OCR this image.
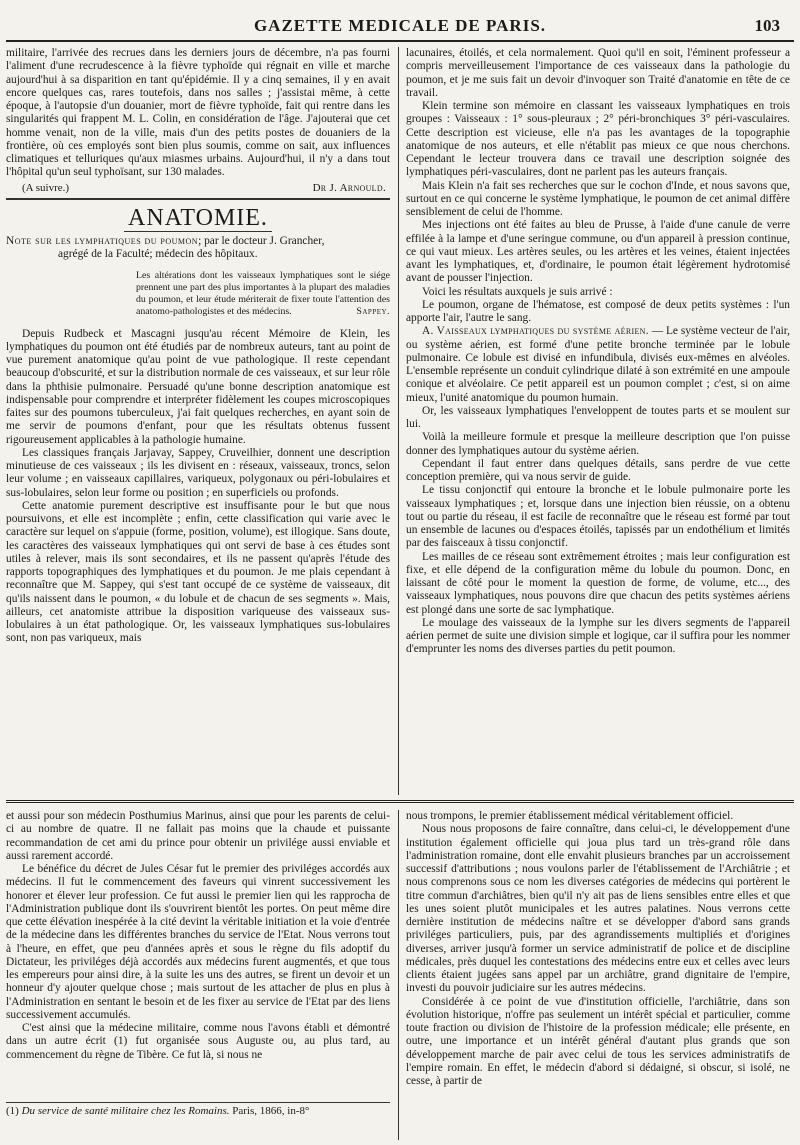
GAZETTE MEDICALE DE PARIS.	103

militaire, l'arrivée des recrues dans les derniers jours de décembre, n'a pas fourni l'aliment d'une recrudescence à la fièvre typhoïde qui régnait en ville et marche aujourd'hui à sa disparition en tant qu'épidémie. Il y a cinq semaines, il y en avait encore quelques cas, rares toutefois, dans nos salles ; j'assistai même, à cette époque, à l'autopsie d'un douanier, mort de fièvre typhoïde, fait qui rentre dans les singularités qui frappent M. L. Colin, en considération de l'âge. J'ajouterai que cet homme venait, non de la ville, mais d'un des petits postes de douaniers de la frontière, où ces employés sont bien plus soumis, comme on sait, aux influences climatiques et telluriques qu'aux miasmes urbains. Aujourd'hui, il n'y a dans tout l'hôpital qu'un seul typhoïsant, sur 130 malades.

(A suivre.)	Dr J. Arnould.
ANATOMIE.
Note sur les lymphatiques du poumon; par le docteur J. Grancher,
agrégé de la Faculté; médecin des hôpitaux.
Les altérations dont les vaisseaux lymphatiques sont le siége prennent une part des plus importantes à la plupart des maladies du poumon, et leur étude mériterait de fixer toute l'attention des anatomo-pathologistes et des médecins.	Sappey.

Depuis Rudbeck et Mascagni jusqu'au récent Mémoire de Klein, les lymphatiques du poumon ont été étudiés par de nombreux auteurs, tant au point de vue purement anatomique qu'au point de vue pathologique. Il reste cependant beaucoup d'obscurité, et sur la distribution normale de ces vaisseaux, et sur leur rôle dans la phthisie pulmonaire. Persuadé qu'une bonne description anatomique est indispensable pour comprendre et interpréter fidèlement les coupes microscopiques faites sur des poumons tuberculeux, j'ai fait quelques recherches, en ayant soin de me servir de poumons d'enfant, pour que les résultats obtenus fussent rigoureusement applicables à la pathologie humaine.

Les classiques français Jarjavay, Sappey, Cruveilhier, donnent une description minutieuse de ces vaisseaux ; ils les divisent en : réseaux, vaisseaux, troncs, selon leur volume ; en vaisseaux capillaires, variqueux, polygonaux ou péri-lobulaires et sus-lobulaires, selon leur forme ou position ; en superficiels ou profonds.

Cette anatomie purement descriptive est insuffisante pour le but que nous poursuivons, et elle est incomplète ; enfin, cette classification qui varie avec le caractère sur lequel on s'appuie (forme, position, volume), est illogique. Sans doute, les caractères des vaisseaux lymphatiques qui ont servi de base à ces études sont utiles à relever, mais ils sont secondaires, et ils ne passent qu'après l'étude des rapports topographiques des lymphatiques et du poumon. Je me plais cependant à reconnaître que M. Sappey, qui s'est tant occupé de ce système de vaisseaux, dit qu'ils naissent dans le poumon, « du lobule et de chacun de ses segments ». Mais, ailleurs, cet anatomiste attribue la disposition variqueuse des vaisseaux sus-lobulaires à un état pathologique. Or, les vaisseaux lymphatiques sus-lobulaires sont, non pas variqueux, mais

lacunaires, étoilés, et cela normalement. Quoi qu'il en soit, l'éminent professeur a compris merveilleusement l'importance de ces vaisseaux dans la pathologie du poumon, et je me suis fait un devoir d'invoquer son Traité d'anatomie en tête de ce travail.

Klein termine son mémoire en classant les vaisseaux lymphatiques en trois groupes : Vaisseaux : 1° sous-pleuraux ; 2° péri-bronchiques 3° péri-vasculaires. Cette description est vicieuse, elle n'a pas les avantages de la topographie anatomique de nos auteurs, et elle n'établit pas mieux ce que nous cherchons. Cependant le lecteur trouvera dans ce travail une description soignée des lymphatiques péri-vasculaires, dont ne parlent pas les auteurs français.

Mais Klein n'a fait ses recherches que sur le cochon d'Inde, et nous savons que, surtout en ce qui concerne le système lymphatique, le poumon de cet animal diffère sensiblement de celui de l'homme.

Mes injections ont été faites au bleu de Prusse, à l'aide d'une canule de verre effilée à la lampe et d'une seringue commune, ou d'un appareil à pression continue, ce qui vaut mieux. Les artères seules, ou les artères et les veines, étaient injectées avant les lymphatiques, et, d'ordinaire, le poumon était légèrement hydrotomisé avant de pousser l'injection.

Voici les résultats auxquels je suis arrivé :

Le poumon, organe de l'hématose, est composé de deux petits systèmes : l'un apporte l'air, l'autre le sang.

A. Vaisseaux lymphatiques du système aérien. — Le système vecteur de l'air, ou système aérien, est formé d'une petite bronche terminée par le lobule pulmonaire. Ce lobule est divisé en infundibula, divisés eux-mêmes en alvéoles. L'ensemble représente un conduit cylindrique dilaté à son extrémité en une ampoule conique et alvéolaire. Ce petit appareil est un poumon complet ; c'est, si on aime mieux, l'unité anatomique du poumon humain.

Or, les vaisseaux lymphatiques l'enveloppent de toutes parts et se moulent sur lui.

Voilà la meilleure formule et presque la meilleure description que l'on puisse donner des lymphatiques autour du système aérien.

Cependant il faut entrer dans quelques détails, sans perdre de vue cette conception première, qui va nous servir de guide.

Le tissu conjonctif qui entoure la bronche et le lobule pulmonaire porte les vaisseaux lymphatiques ; et, lorsque dans une injection bien réussie, on a obtenu tout ou partie du réseau, il est facile de reconnaître que le réseau est formé par tout un ensemble de lacunes ou d'espaces étoilés, tapissés par un endothélium et limités par des faisceaux à tissu conjonctif.

Les mailles de ce réseau sont extrêmement étroites ; mais leur configuration est fixe, et elle dépend de la configuration même du lobule du poumon. Donc, en laissant de côté pour le moment la question de forme, de volume, etc..., des vaisseaux lymphatiques, nous pouvons dire que chacun des petits systèmes aériens est plongé dans une sorte de sac lymphatique.

Le moulage des vaisseaux de la lymphe sur les divers segments de l'appareil aérien permet de suite une division simple et logique, car il suffira pour les nommer d'emprunter les noms des diverses parties du petit poumon.

et aussi pour son médecin Posthumius Marinus, ainsi que pour les parents de celui-ci au nombre de quatre. Il ne fallait pas moins que la chaude et puissante recommandation de cet ami du prince pour obtenir un privilége aussi enviable et aussi rarement accordé.

Le bénéfice du décret de Jules César fut le premier des priviléges accordés aux médecins. Il fut le commencement des faveurs qui vinrent successivement les honorer et élever leur profession. Ce fut aussi le premier lien qui les rapprocha de l'Administration publique dont ils s'ouvrirent bientôt les portes. On peut même dire que cette élévation inespérée à la cité devint la véritable initiation et la voie d'entrée de la médecine dans les différentes branches du service de l'Etat. Nous verrons tout à l'heure, en effet, que peu d'années après et sous le règne du fils adoptif du Dictateur, les priviléges déjà accordés aux médecins furent augmentés, et que tous les empereurs pour ainsi dire, à la suite les uns des autres, se firent un devoir et un honneur d'y ajouter quelque chose ; mais surtout de les attacher de plus en plus à l'Administration en sentant le besoin et de les fixer au service de l'Etat par des liens successivement accumulés.

C'est ainsi que la médecine militaire, comme nous l'avons établi et démontré dans un autre écrit (1) fut organisée sous Auguste ou, au plus tard, au commencement du règne de Tibère. Ce fut là, si nous ne

(1) Du service de santé militaire chez les Romains. Paris, 1866, in-8°

nous trompons, le premier établissement médical véritablement officiel.

Nous nous proposons de faire connaître, dans celui-ci, le développement d'une institution également officielle qui joua plus tard un très-grand rôle dans l'administration romaine, dont elle envahit plusieurs branches par un accroissement successif d'attributions ; nous voulons parler de l'établissement de l'Archiâtrie ; et nous comprenons sous ce nom les diverses catégories de médecins qui portèrent le titre commun d'archiâtres, bien qu'il n'y ait pas de liens sensibles entre elles et que les unes soient plutôt municipales et les autres palatines. Nous verrons cette dernière institution de médecins naître et se développer d'abord sans grands priviléges particuliers, puis, par des agrandissements multipliés et d'origines diverses, arriver jusqu'à former un service administratif de police et de discipline médicales, près duquel les contestations des médecins entre eux et celles avec leurs clients étaient jugées sans appel par un archiâtre, grand dignitaire de l'empire, investi du pouvoir judiciaire sur les autres médecins.

Considérée à ce point de vue d'institution officielle, l'archiâtrie, dans son évolution historique, n'offre pas seulement un intérêt spécial et particulier, comme toute fraction ou division de l'histoire de la profession médicale; elle présente, en outre, une importance et un intérêt général d'autant plus grands que son développement marche de pair avec celui de tous les services administratifs de l'empire romain. En effet, le médecin d'abord si dédaigné, si obscur, si isolé, ne cesse, à partir de
